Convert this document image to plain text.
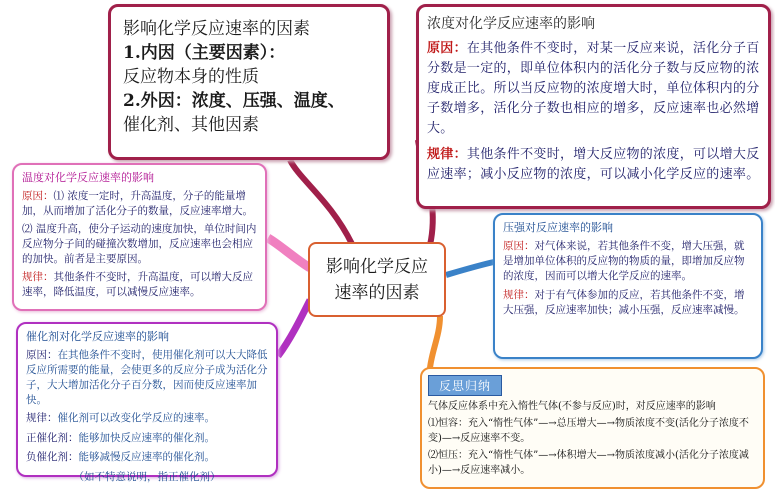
影响化学反应速率的因素

1.内因（主要因素）：

反应物本身的性质

2.外因：浓度、压强、温度、

催化剂、其他因素

浓度对化学反应速率的影响

原因：在其他条件不变时，对某一反应来说，活化分子百分数是一定的，即单位体积内的活化分子数与反应物的浓度成正比。所以当反应物的浓度增大时，单位体积内的分子数增多，活化分子数也相应的增多，反应速率也必然增大。

规律：其他条件不变时，增大反应物的浓度，可以增大反应速率；减小反应物的浓度，可以减小化学反应的速率。

温度对化学反应速率的影响

原因：⑴ 浓度一定时，升高温度，分子的能量增加，从而增加了活化分子的数量，反应速率增大。

⑵ 温度升高，使分子运动的速度加快，单位时间内反应物分子间的碰撞次数增加，反应速率也会相应的加快。前者是主要原因。

规律：其他条件不变时，升高温度，可以增大反应速率，降低温度，可以减慢反应速率。

影响化学反应
速率的因素
压强对反应速率的影响

原因：对气体来说，若其他条件不变，增大压强，就是增加单位体积的反应物的物质的量，即增加反应物的浓度，因而可以增大化学反应的速率。

规律：对于有气体参加的反应，若其他条件不变，增大压强，反应速率加快；减小压强，反应速率减慢。

催化剂对化学反应速率的影响

原因：在其他条件不变时，使用催化剂可以大大降低反应所需要的能量，会使更多的反应分子成为活化分子，大大增加活化分子百分数，因而使反应速率加快。

规律：催化剂可以改变化学反应的速率。

正催化剂：能够加快反应速率的催化剂。

负催化剂：能够减慢反应速率的催化剂。

（如不特意说明，指正催化剂）
反思归纳

气体反应体系中充入惰性气体(不参与反应)时，对反应速率的影响

⑴恒容：充入“惰性气体”—→总压增大—→物质浓度不变(活化分子浓度不变)—→反应速率不变。

⑵恒压：充入“惰性气体”—→体积增大—→物质浓度减小(活化分子浓度减小)—→反应速率减小。
